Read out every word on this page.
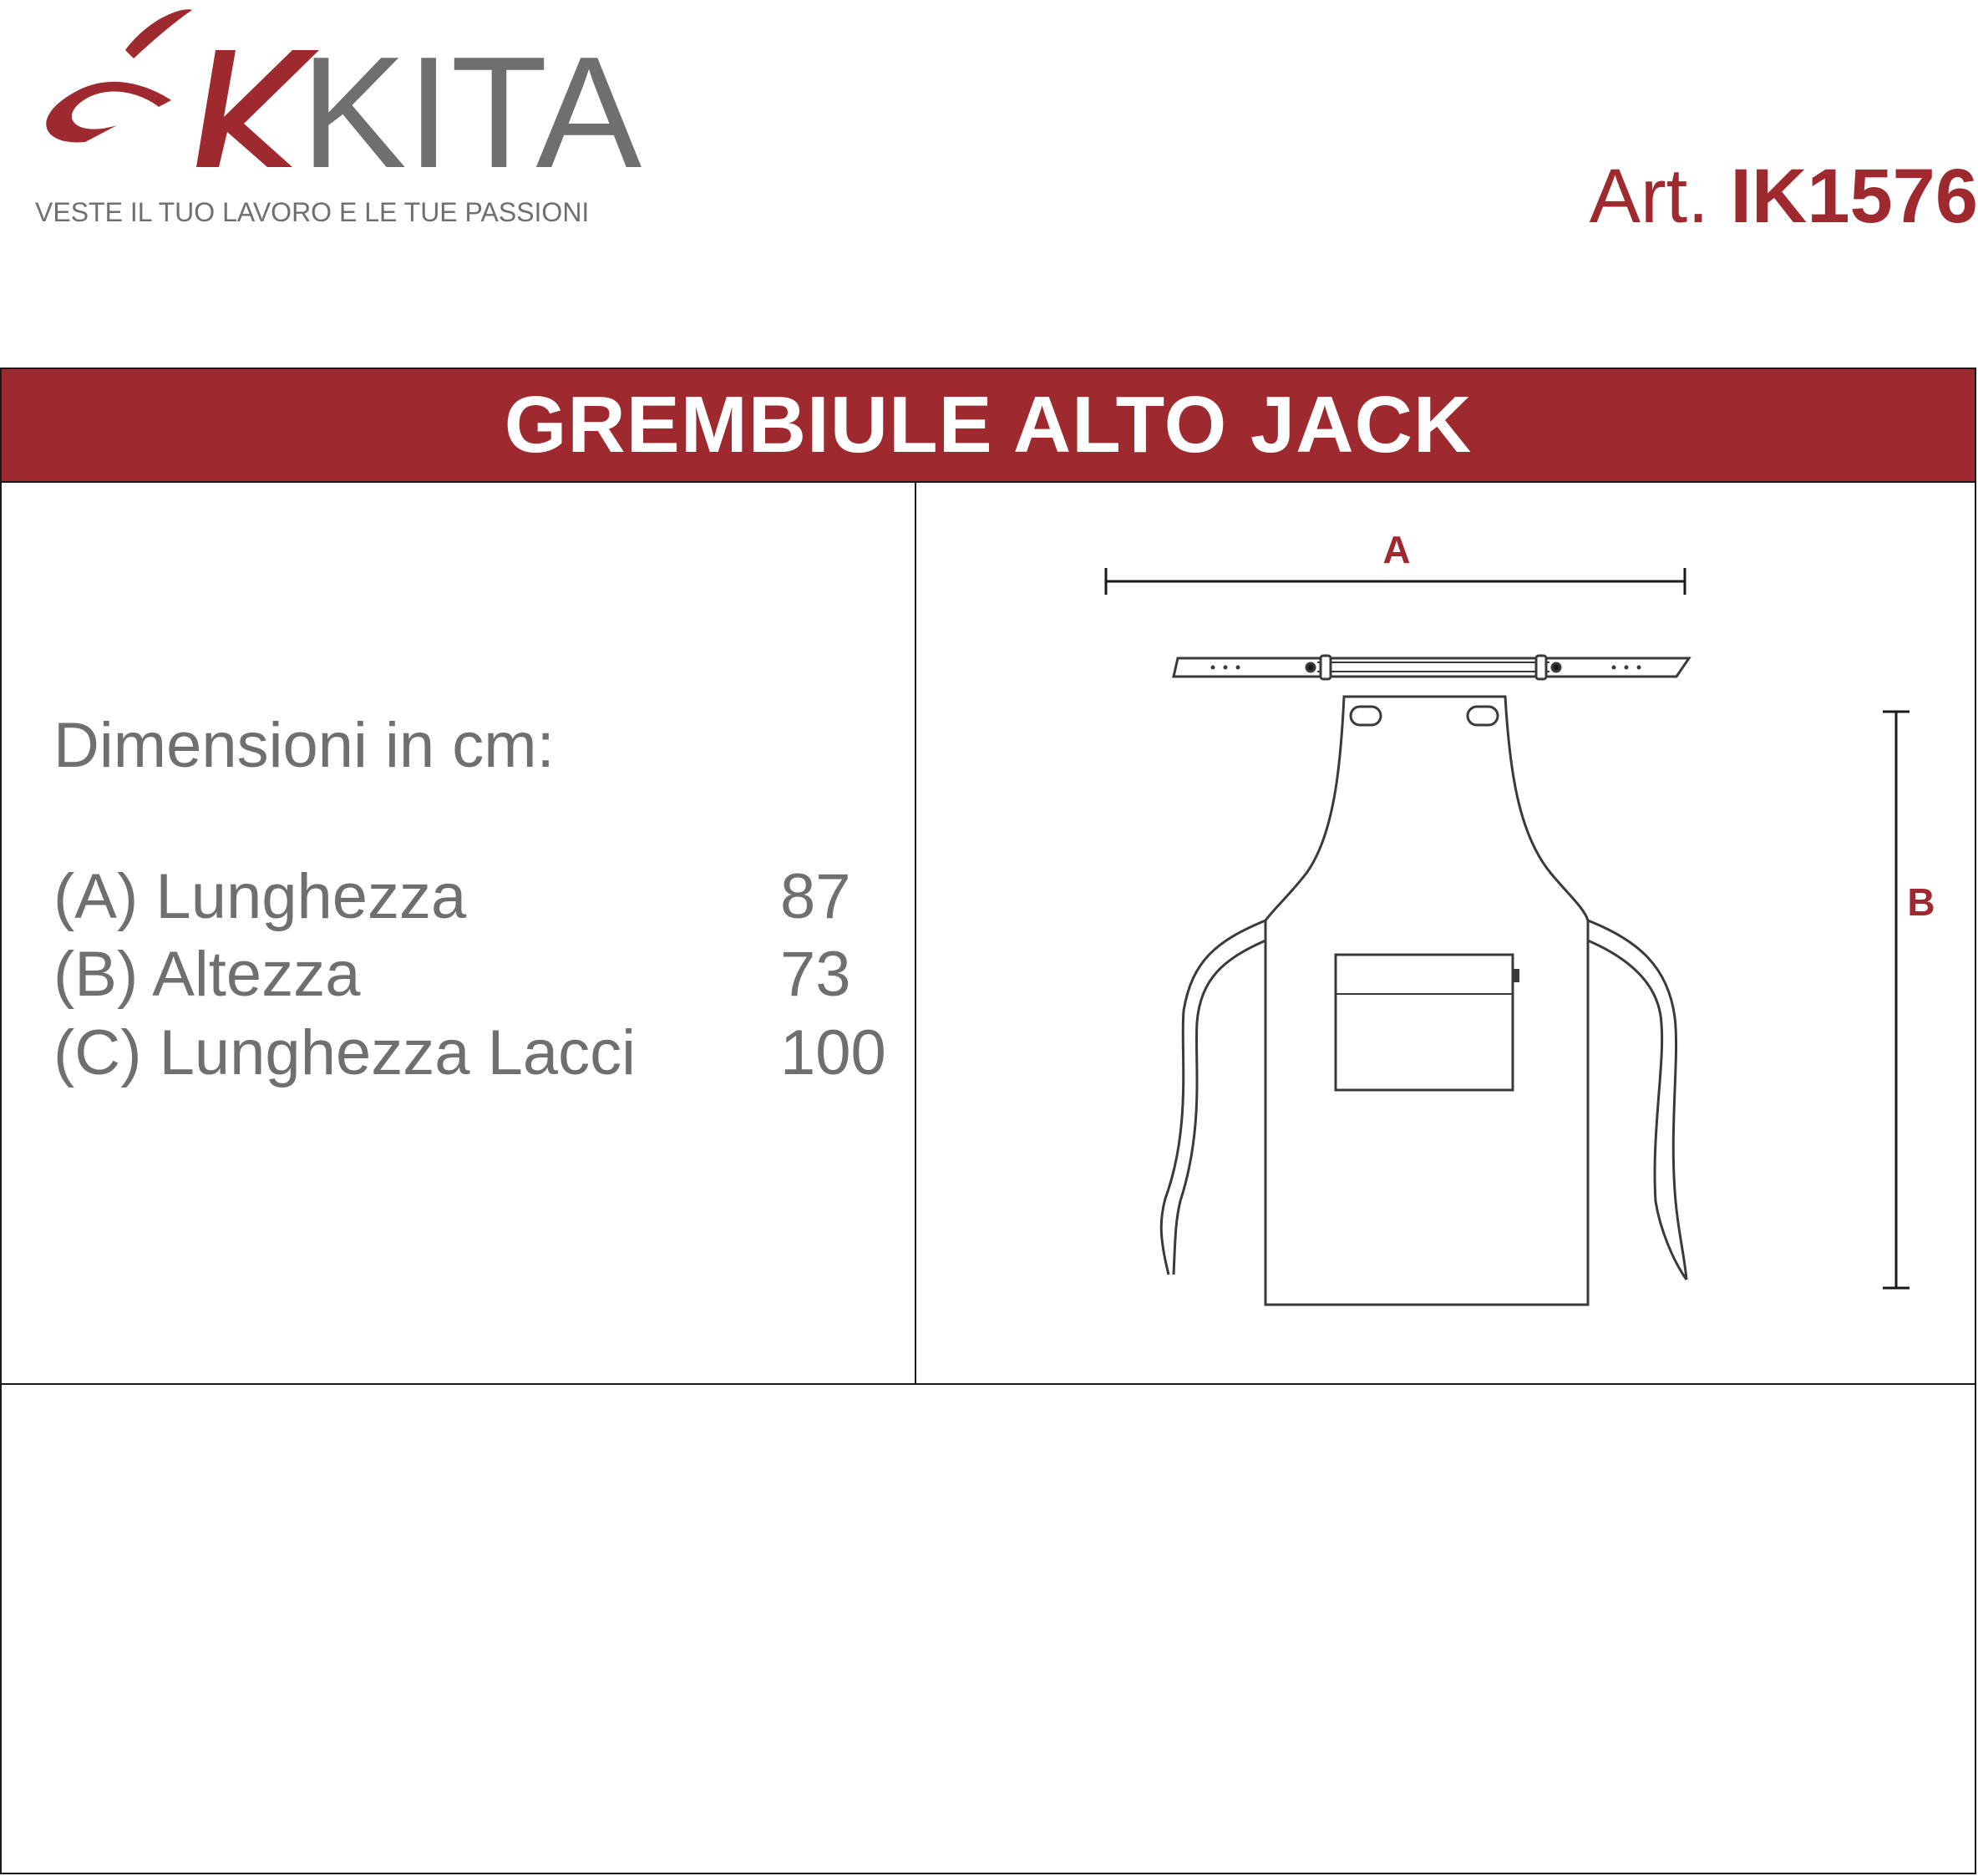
KITA
VESTE IL TUO LAVORO E LE TUE PASSIONI	Art. IK1576
GREMBIULE ALTO JACK
Dimensioni in cm:
(A) Lunghezza	87
(B) Altezza	73
(C) Lunghezza Lacci 100
A
B
